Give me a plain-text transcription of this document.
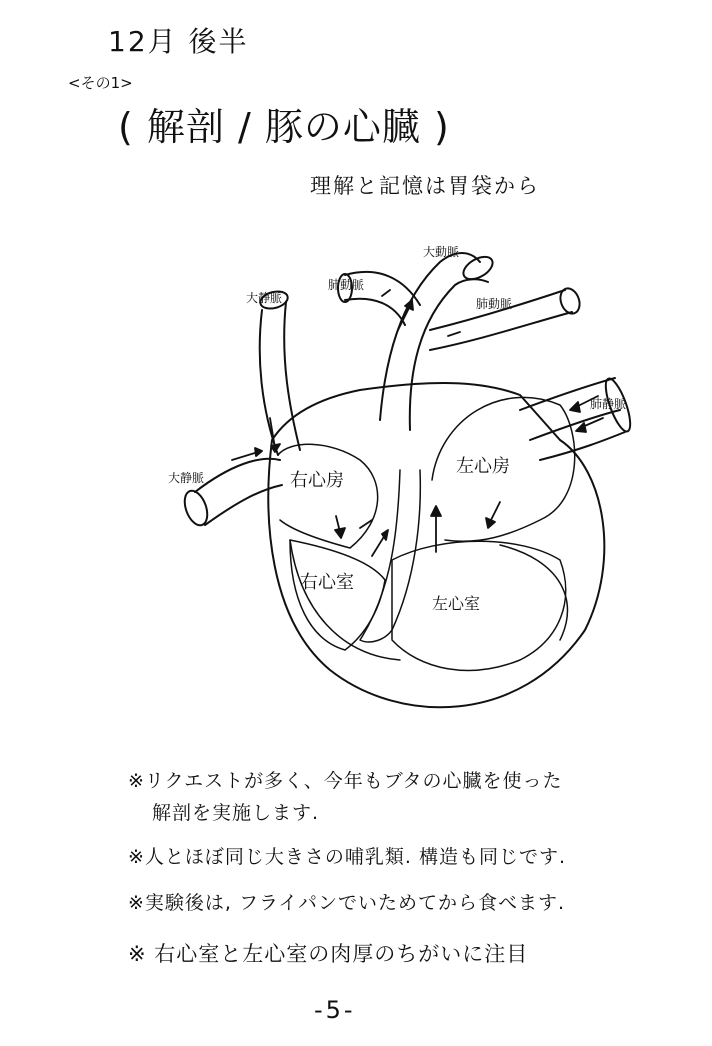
12月 後半
<その1>
( 解剖 / 豚の心臓 )
理解と記憶は胃袋から
大静脈
大静脈
肺動脈
大動脈
肺動脈
肺静脈
右心房
左心房
右心室
左心室
※リクエストが多く、今年もブタの心臓を使った
解剖を実施します.
※人とほぼ同じ大きさの哺乳類. 構造も同じです.
※実験後は, フライパンでいためてから食べます.
※ 右心室と左心室の肉厚のちがいに注目
-5-
